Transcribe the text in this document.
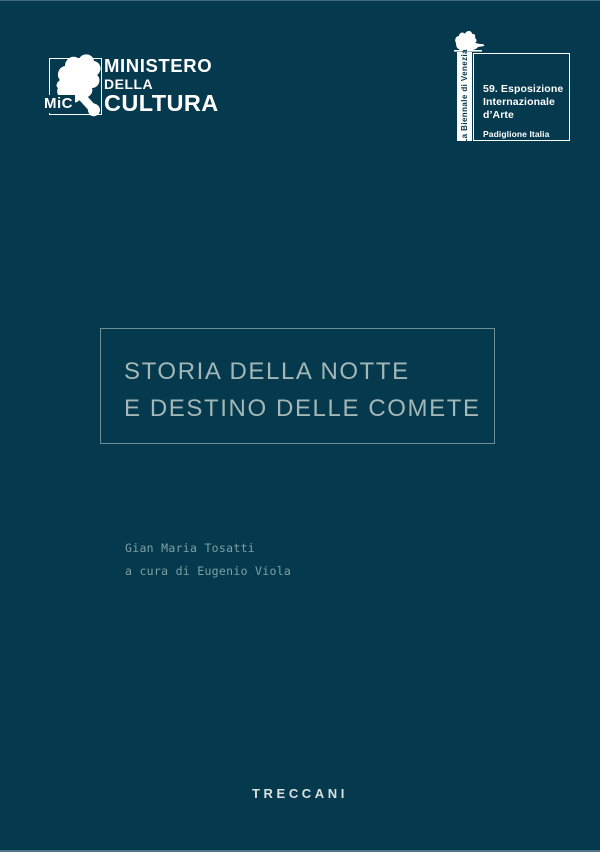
MiC
MINISTERO
DELLA
CULTURA	La Biennale di Venezia 59. Esposizione
Internazionale
d’Arte
Padiglione Italia
STORIA DELLA NOTTE
E DESTINO DELLE COMETE
Gian Maria Tosatti
a cura di Eugenio Viola
TRECCANI
